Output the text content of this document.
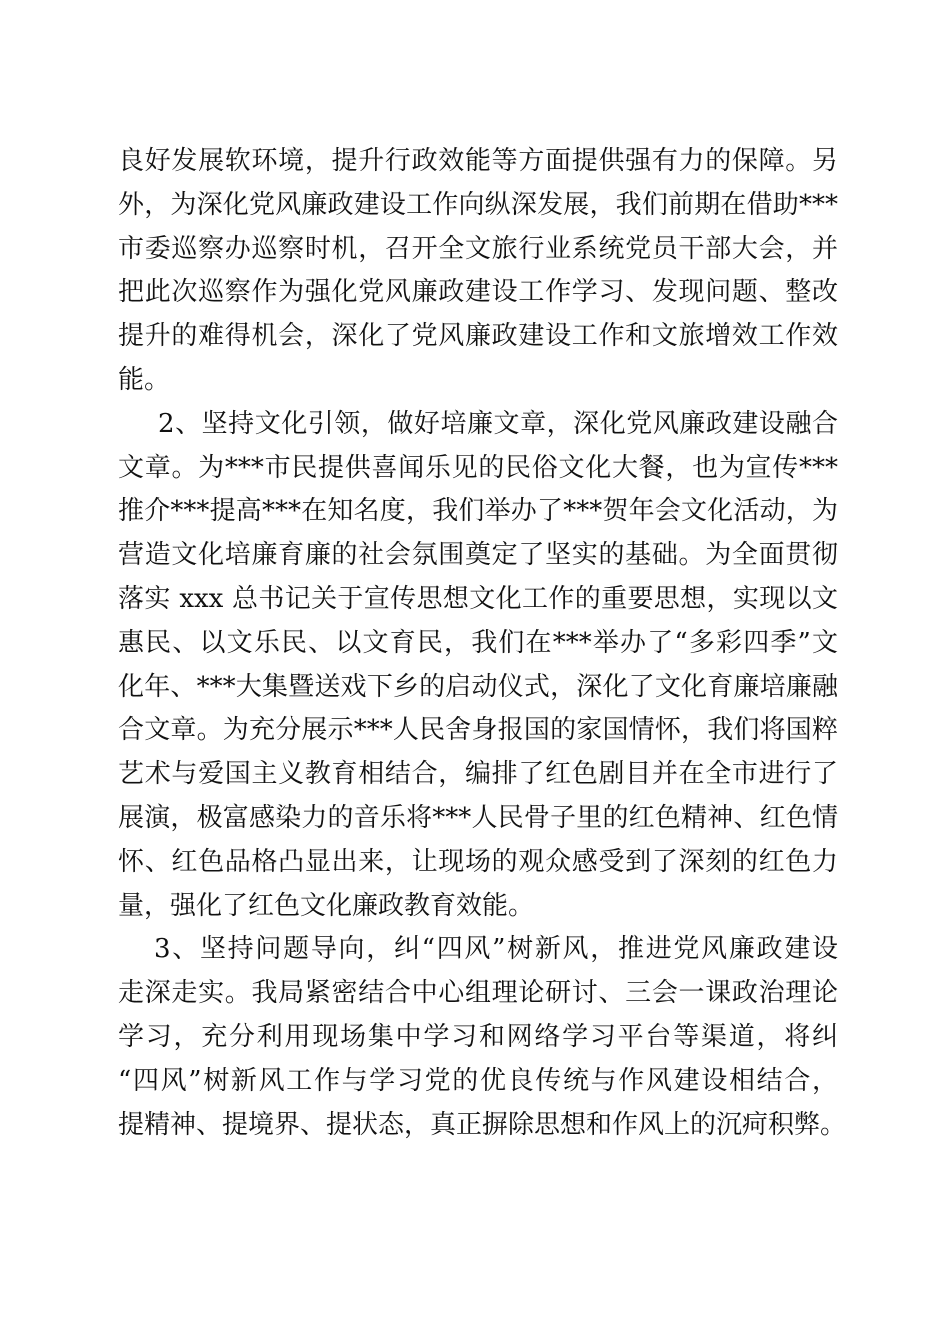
良好发展软环境，提升行政效能等方面提供强有力的保障。另
外，为深化党风廉政建设工作向纵深发展，我们前期在借助***
市委巡察办巡察时机，召开全文旅行业系统党员干部大会，并
把此次巡察作为强化党风廉政建设工作学习、发现问题、整改
提升的难得机会，深化了党风廉政建设工作和文旅增效工作效
能。
2、坚持文化引领，做好培廉文章，深化党风廉政建设融合
文章。为***市民提供喜闻乐见的民俗文化大餐，也为宣传***
推介***提高***在知名度，我们举办了***贺年会文化活动，为
营造文化培廉育廉的社会氛围奠定了坚实的基础。为全面贯彻
落实 xxx 总书记关于宣传思想文化工作的重要思想，实现以文
惠民、以文乐民、以文育民，我们在***举办了“多彩四季”文
化年、***大集暨送戏下乡的启动仪式，深化了文化育廉培廉融
合文章。为充分展示***人民舍身报国的家国情怀，我们将国粹
艺术与爱国主义教育相结合，编排了红色剧目并在全市进行了
展演，极富感染力的音乐将***人民骨子里的红色精神、红色情
怀、红色品格凸显出来，让现场的观众感受到了深刻的红色力
量，强化了红色文化廉政教育效能。
3、坚持问题导向，纠“四风”树新风，推进党风廉政建设
走深走实。我局紧密结合中心组理论研讨、三会一课政治理论
学习，充分利用现场集中学习和网络学习平台等渠道，将纠
“四风”树新风工作与学习党的优良传统与作风建设相结合，
提精神、提境界、提状态，真正摒除思想和作风上的沉疴积弊。
